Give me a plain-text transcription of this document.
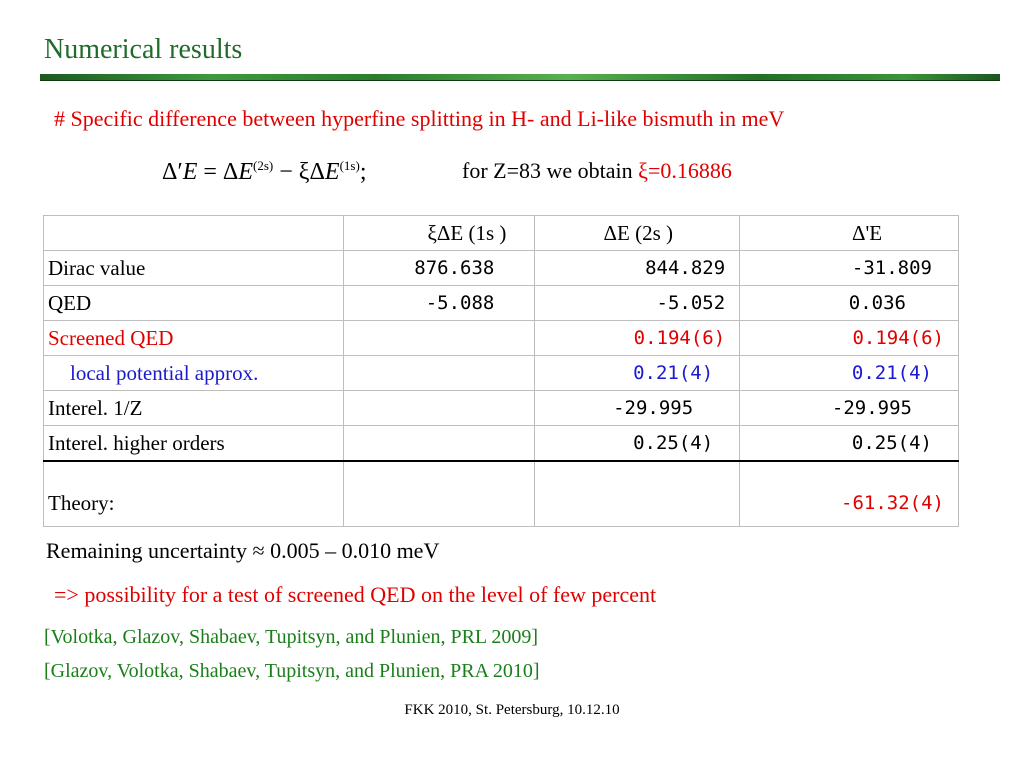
Numerical results
# Specific difference between hyperfine splitting in H- and Li-like bismuth in meV
$\Delta'E = \Delta E^{(2s)} - \xi\Delta E^{(1s)}$;	for Z=83 we obtain ξ=0.16886
	ξΔE (1s )	ΔE (2s )	Δ'E
Dirac value	876.638	844.829	-31.809
QED	-5.088	-5.052	0.036
Screened QED		0.194(6)	0.194(6)
local potential approx.		0.21(4)	0.21(4)
Interel. 1/Z		-29.995	-29.995
Interel. higher orders		0.25(4)	0.25(4)
Theory:			-61.32(4)
Remaining uncertainty ≈ 0.005 – 0.010 meV
=> possibility for a test of screened QED on the level of few percent
[Volotka, Glazov, Shabaev, Tupitsyn, and Plunien, PRL 2009]
[Glazov, Volotka, Shabaev, Tupitsyn, and Plunien, PRA 2010]
FKK 2010, St. Petersburg, 10.12.10
